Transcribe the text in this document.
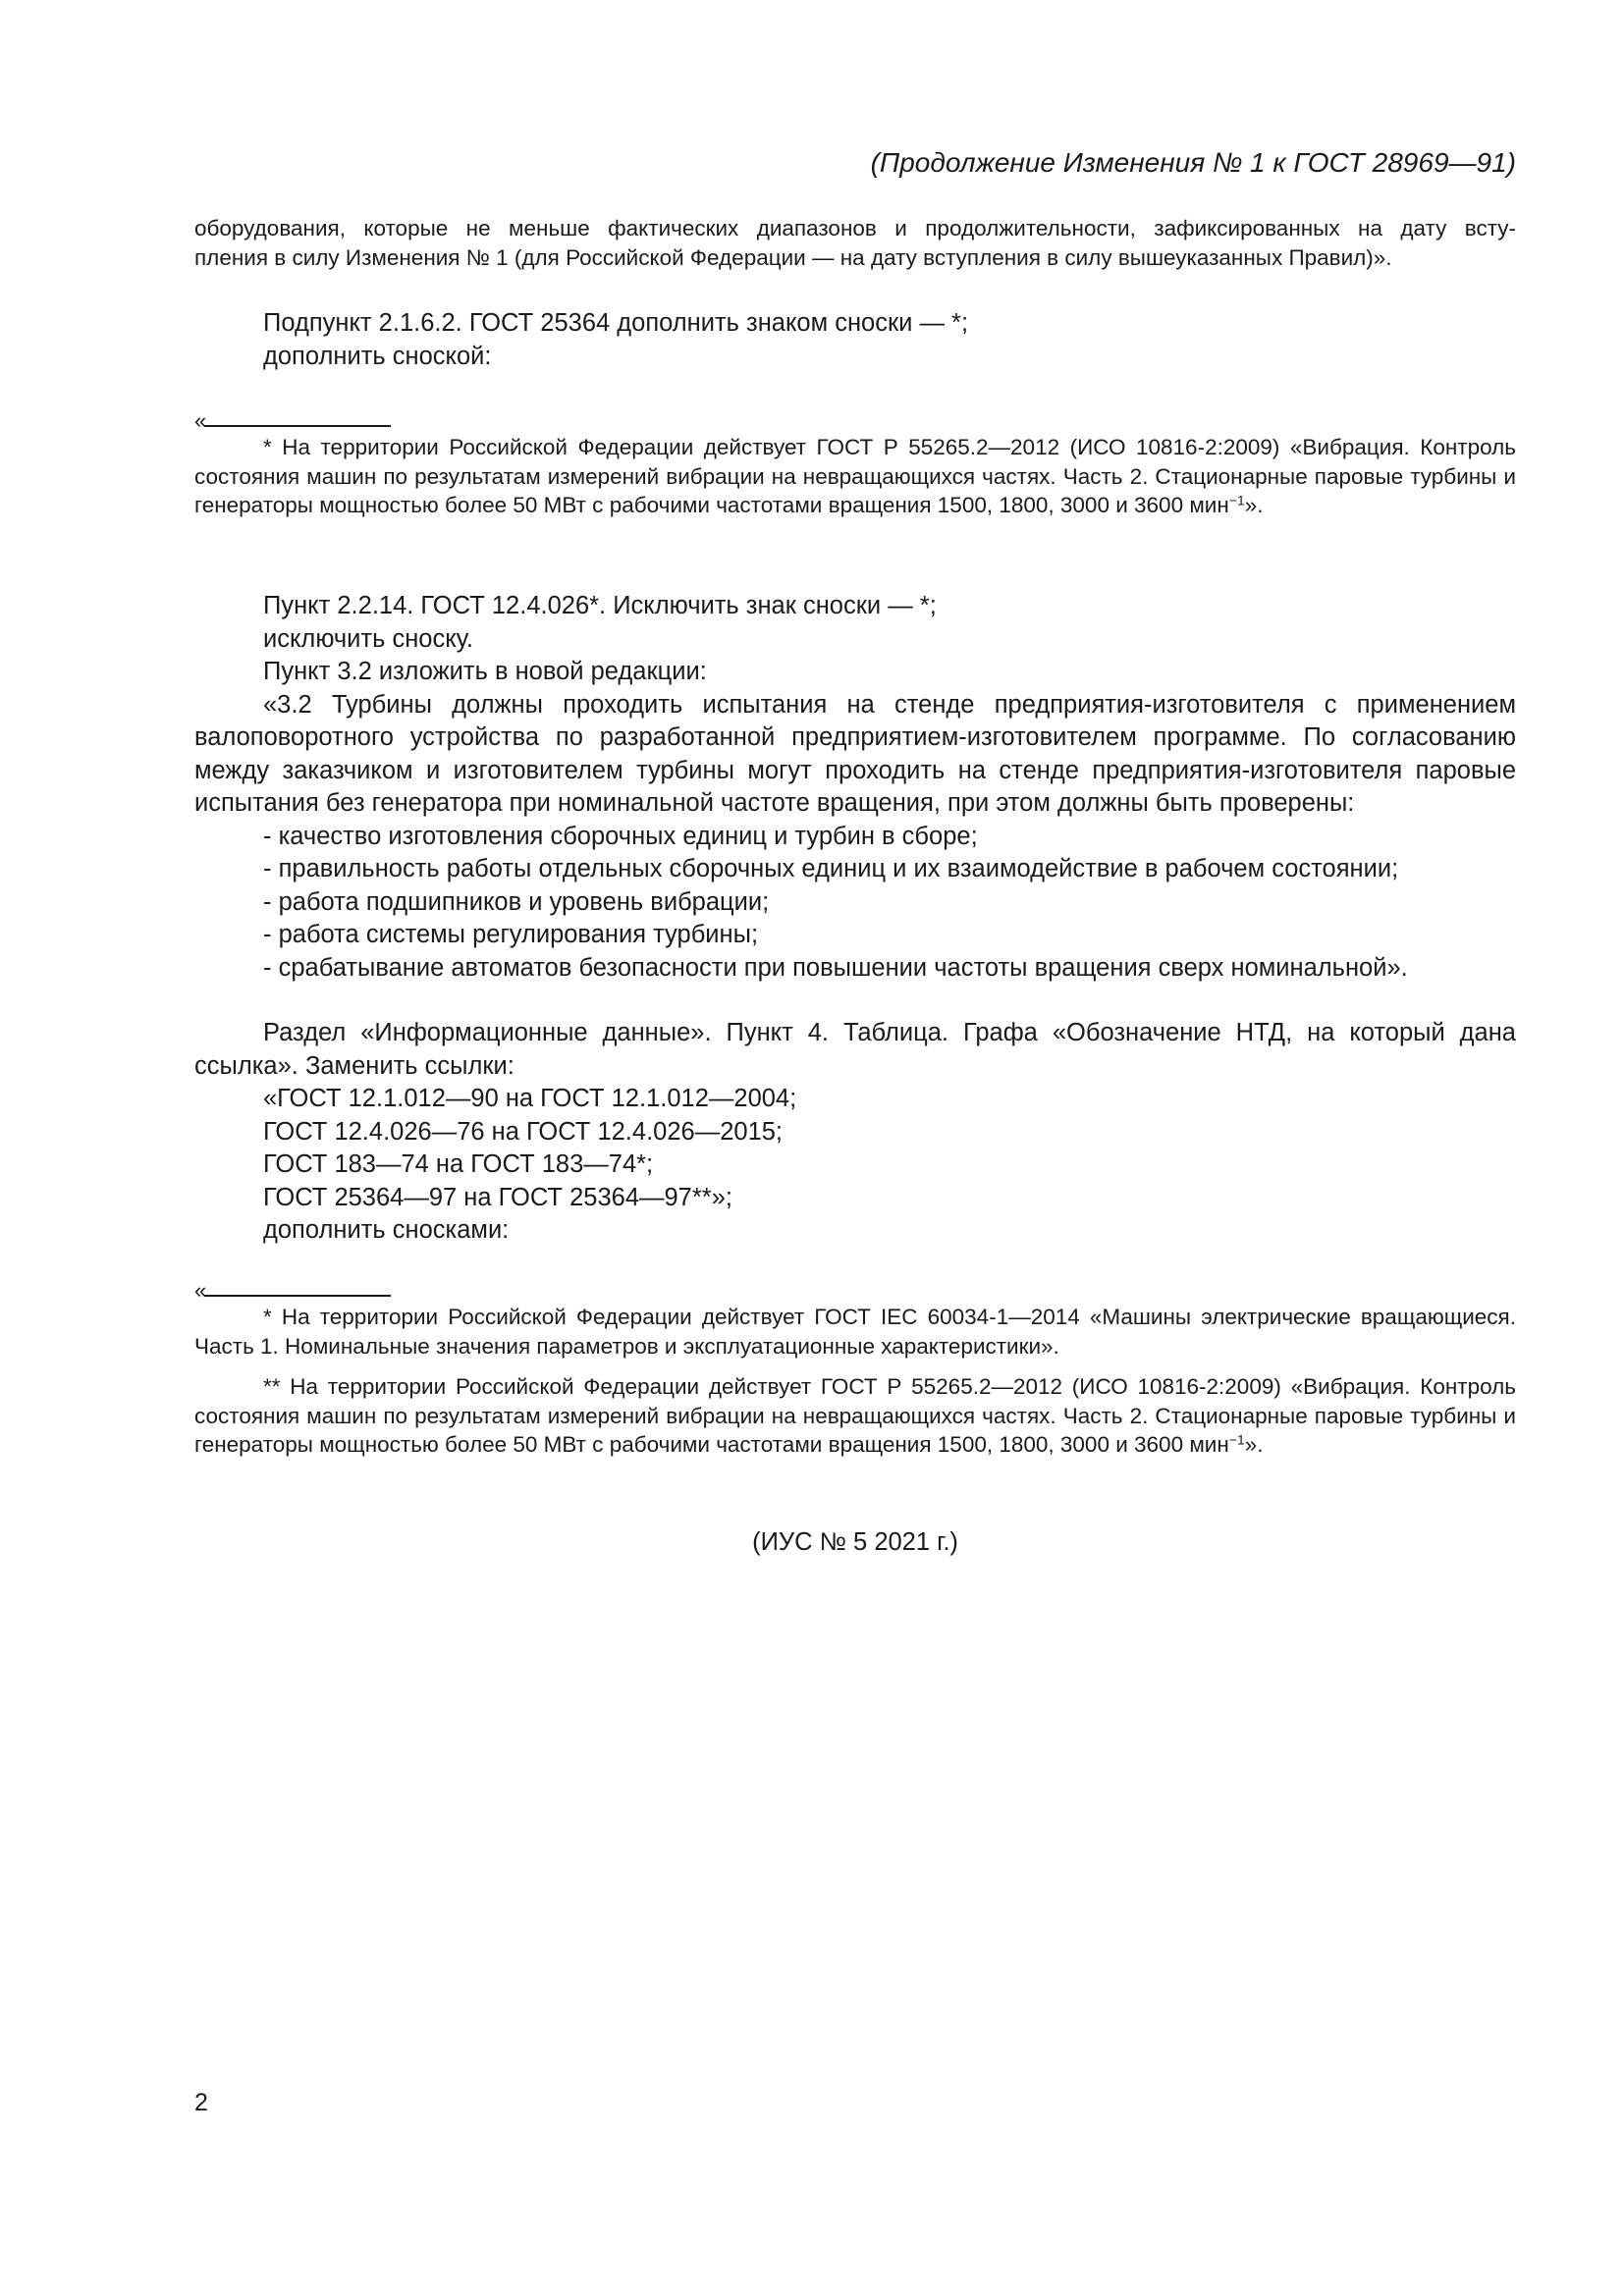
(Продолжение Изменения № 1 к ГОСТ 28969—91)
оборудования, которые не меньше фактических диапазонов и продолжительности, зафиксированных на дату всту-
пления в силу Изменения № 1 (для Российской Федерации — на дату вступления в силу вышеуказанных Правил)».

Подпункт 2.1.6.2. ГОСТ 25364 дополнить знаком сноски — *;

дополнить сноской:

«

* На территории Российской Федерации действует ГОСТ Р 55265.2—2012 (ИСО 10816-2:2009) «Вибрация. Контроль состояния машин по результатам измерений вибрации на невращающихся частях. Часть 2. Стационарные паровые турбины и генераторы мощностью более 50 МВт с рабочими частотами вращения 1500, 1800, 3000 и 3600 мин$^{-1}$».

Пункт 2.2.14. ГОСТ 12.4.026*. Исключить знак сноски — *;

исключить сноску.

Пункт 3.2 изложить в новой редакции:

«3.2 Турбины должны проходить испытания на стенде предприятия-изготовителя с применением валоповоротного устройства по разработанной предприятием-изготовителем программе. По согласованию между заказчиком и изготовителем турбины могут проходить на стенде предприятия-изготовителя паровые испытания без генератора при номинальной частоте вращения, при этом должны быть проверены:

- качество изготовления сборочных единиц и турбин в сборе;

- правильность работы отдельных сборочных единиц и их взаимодействие в рабочем состоянии;

- работа подшипников и уровень вибрации;

- работа системы регулирования турбины;

- срабатывание автоматов безопасности при повышении частоты вращения сверх номинальной».

Раздел «Информационные данные». Пункт 4. Таблица. Графа «Обозначение НТД, на который дана ссылка». Заменить ссылки:

«ГОСТ 12.1.012—90 на ГОСТ 12.1.012—2004;

ГОСТ 12.4.026—76 на ГОСТ 12.4.026—2015;

ГОСТ 183—74 на ГОСТ 183—74*;

ГОСТ 25364—97 на ГОСТ 25364—97**»;

дополнить сносками:

«

* На территории Российской Федерации действует ГОСТ IEC 60034-1—2014 «Машины электрические вращающиеся. Часть 1. Номинальные значения параметров и эксплуатационные характеристики».

** На территории Российской Федерации действует ГОСТ Р 55265.2—2012 (ИСО 10816-2:2009) «Вибрация. Контроль состояния машин по результатам измерений вибрации на невращающихся частях. Часть 2. Стационарные паровые турбины и генераторы мощностью более 50 МВт с рабочими частотами вращения 1500, 1800, 3000 и 3600 мин$^{-1}$».

(ИУС № 5 2021 г.)
2
